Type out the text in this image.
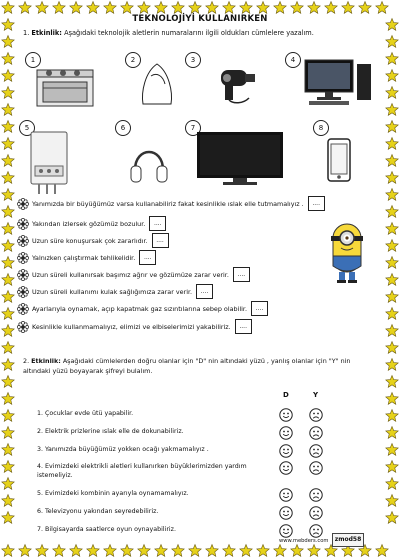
TEKNOLOJİYİ KULLANIRKEN
1. Etkinlik: Aşağıdaki teknolojik aletlerin numaralarını ilgili oldukları cümlelere yazalım.
1	2	3	4
5	6	7	8
Yanımızda bir büyüğümüz varsa kullanabiliriz fakat kesinlikle ıslak elle tutmamalıyız .	....
Yakından izlersek gözümüz bozulur.	....
Uzun süre konuşursak çok zararlıdır.	....
Yalnızken çalıştırmak tehlikelidir.	....
Uzun süreli kullanırsak başımız ağrır ve gözümüze zarar verir.	....
Uzun süreli kullanımı kulak sağlığımıza zarar verir.	....
Ayarlarıyla oynamak, açıp kapatmak gaz sızıntılarına sebep olabilir.	....
Kesinlikle kullanmamalıyız, elimizi ve elbiselerimizi yakabiliriz.	....
2. Etkinlik: Aşağıdaki cümlelerden doğru olanlar için "D" nin altındaki yüzü , yanlış olanlar için "Y" nin altındaki yüzü boyayarak şifreyi bulalım.
D	Y
1. Çocuklar evde ütü yapabilir.
2. Elektrik prizlerine ıslak elle de dokunabiliriz.
3. Yanımızda büyüğümüz yokken ocağı yakmamalıyız .
4. Evimizdeki elektrikli aletleri kullanırken büyüklerimizden yardım istemeliyiz.
5. Evimizdeki kombinin ayarıyla oynamamalıyız.
6. Televizyonu yakından seyredebiliriz.
7. Bilgisayarda saatlerce oyun oynayabiliriz.
www.mebders.com	zmod58
